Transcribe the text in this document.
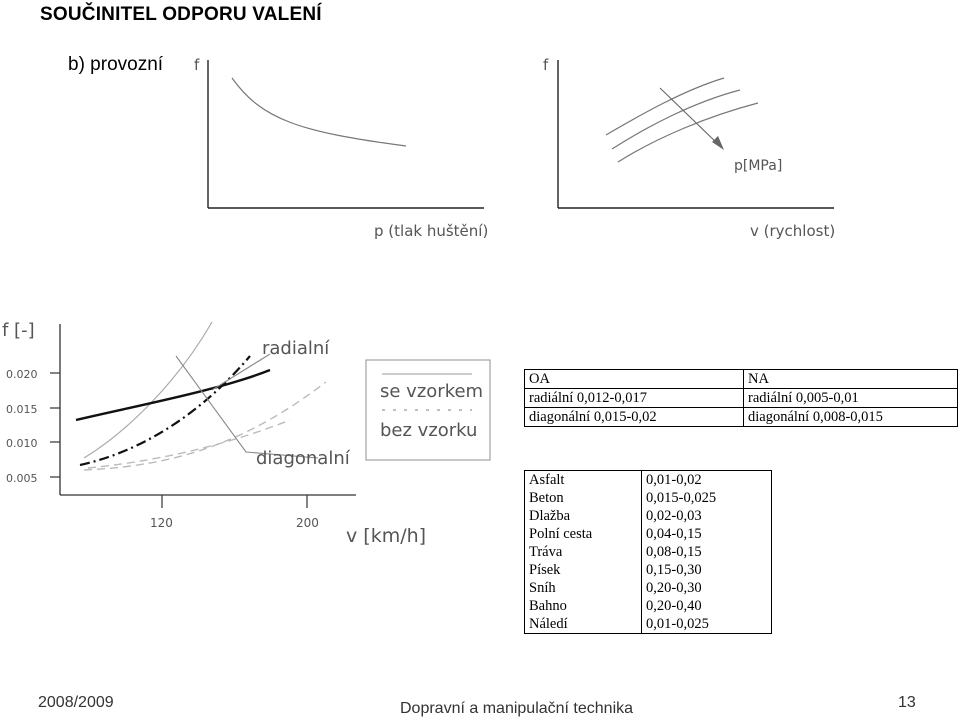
SOUČINITEL ODPORU VALENÍ
b) provozní f
p (tlak huštění)
f
p[MPa]
v (rychlost)
f [-]
0.020
0.015
0.010
0.005
120	200
v [km/h]
radialní
diagonalní
se vzorkem
bez vzorku
OA	NA
radiální 0,012-0,017	radiální 0,005-0,01
diagonální 0,015-0,02	diagonální 0,008-0,015
Asfalt	0,01-0,02
Beton	0,015-0,025
Dlažba	0,02-0,03
Polní cesta	0,04-0,15
Tráva	0,08-0,15
Písek	0,15-0,30
Sníh	0,20-0,30
Bahno	0,20-0,40
Náledí	0,01-0,025
2008/2009	Dopravní a manipulační technika	13
